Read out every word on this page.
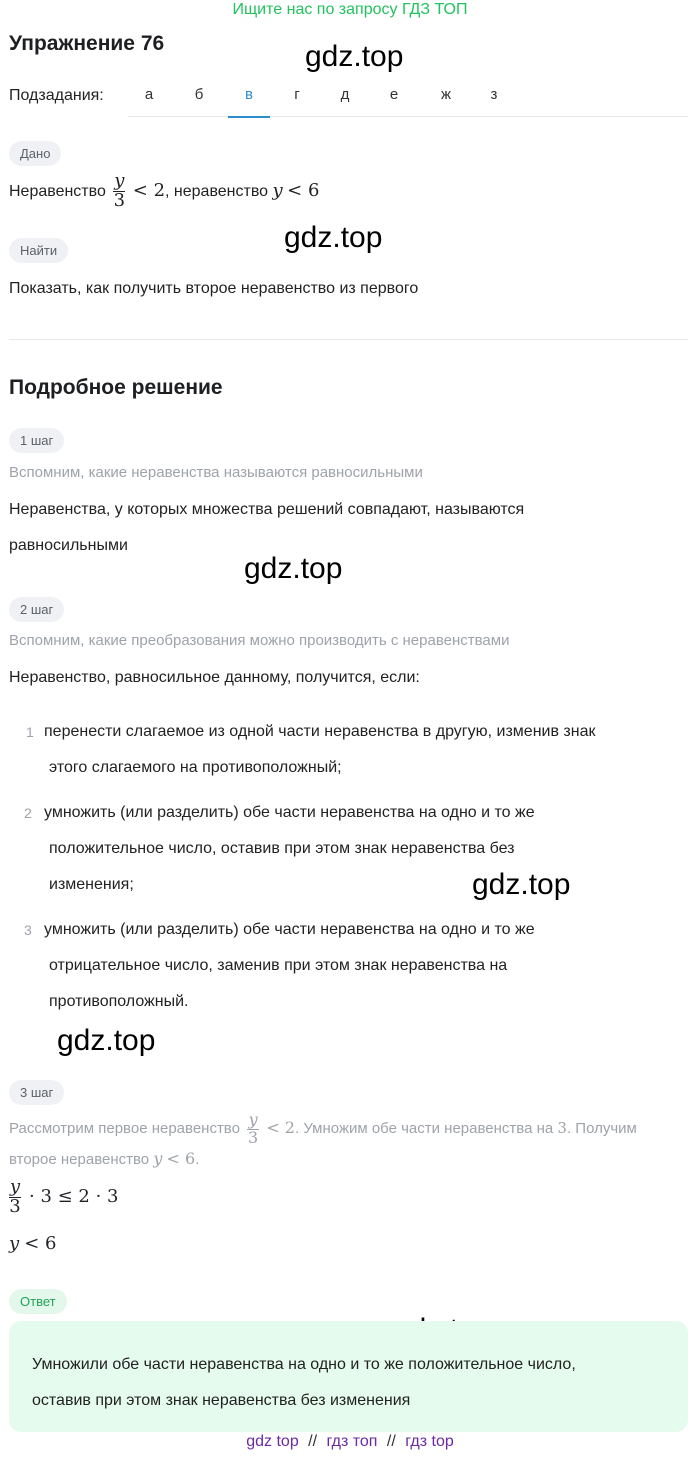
Ищите нас по запросу ГДЗ ТОП
Упражнение 76	gdz.top
gdz.top
gdz.top
gdz.top
gdz.top
Подзадания:	а	б	в	г	д	е	ж	з
Дано
Неравенство $\frac{y}{3} < 2$, неравенство y < 6
Найти
Показать, как получить второе неравенство из первого
Подробное решение
1 шаг
Вспомним, какие неравенства называются равносильными
Неравенства, у которых множества решений совпадают, называются
равносильными
2 шаг
Вспомним, какие преобразования можно производить с неравенствами
Неравенство, равносильное данному, получится, если:
1 перенести слагаемое из одной части неравенства в другую, изменив знак
этого слагаемого на противоположный;
2 умножить (или разделить) обе части неравенства на одно и то же
положительное число, оставив при этом знак неравенства без
изменения;
3 умножить (или разделить) обе части неравенства на одно и то же
отрицательное число, заменив при этом знак неравенства на
противоположный.
3 шаг
Рассмотрим первое неравенство $\frac{y}{3} < 2$. Умножим обе части неравенства на 3. Получим
второе неравенство y < 6.
$\frac{y}{3} \cdot 3 \le 2 \cdot 3$
y < 6
Ответ
Умножили обе части неравенства на одно и то же положительное число,
оставив при этом знак неравенства без изменения
gdz top // гдз топ // гдз top
